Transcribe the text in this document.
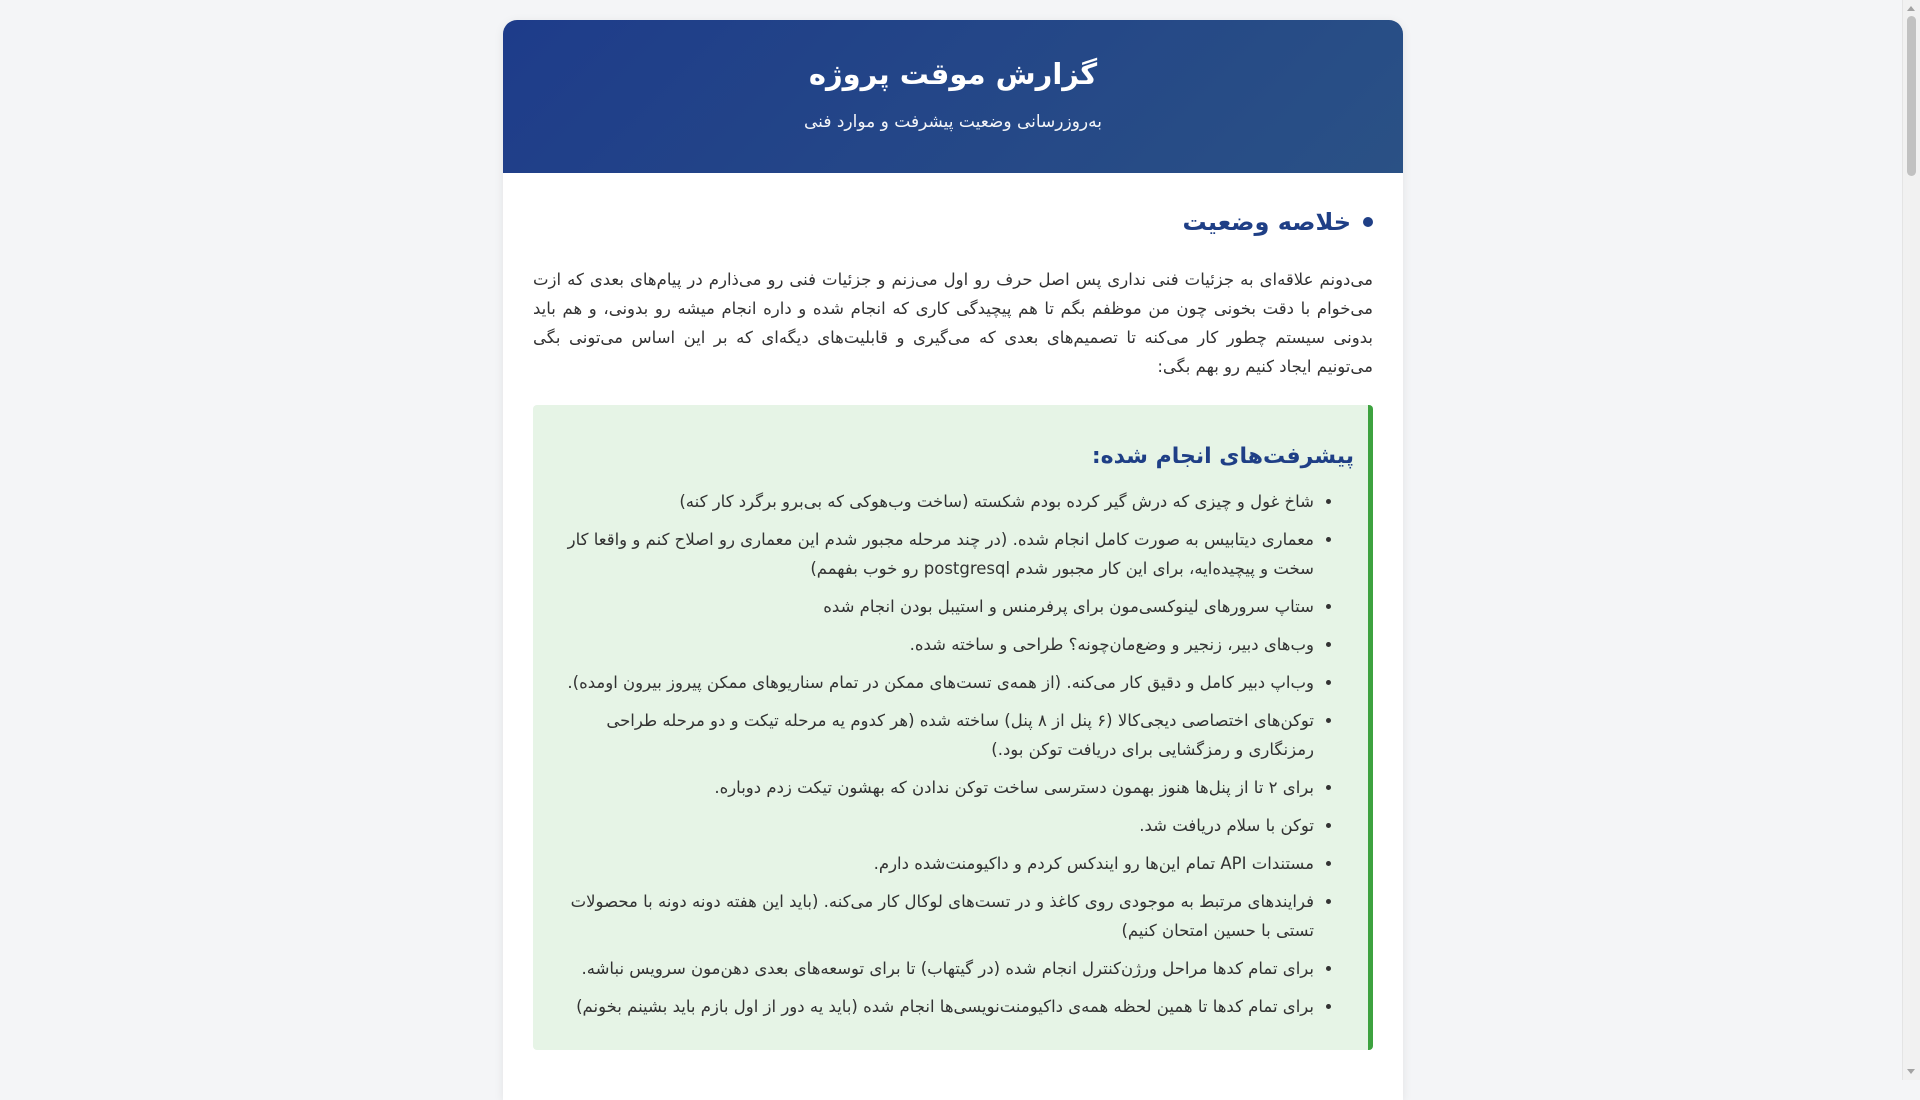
گزارش موقت پروژه
به‌روزرسانی وضعیت پیشرفت و موارد فنی
خلاصه وضعیت

می‌دونم علاقه‌ای به جزئیات فنی نداری پس اصل حرف رو اول می‌زنم و جزئیات فنی رو می‌ذارم در پیام‌های بعدی که ازت می‌خوام با دقت بخونی چون من موظفم بگم تا هم پیچیدگی کاری که انجام شده و داره انجام میشه رو بدونی، و هم باید بدونی سیستم چطور کار می‌کنه تا تصمیم‌های بعدی که می‌گیری و قابلیت‌های دیگه‌ای که بر این اساس می‌تونی بگی می‌تونیم ایجاد کنیم رو بهم بگی:

پیشرفت‌های انجام شده:
• شاخ غول و چیزی که درش گیر کرده بودم شکسته (ساخت وب‌هوکی که بی‌برو برگرد کار کنه)
• معماری دیتابیس به صورت کامل انجام شده. (در چند مرحله مجبور شدم این معماری رو اصلاح کنم و واقعا کار سخت و پیچیده‌ایه، برای این کار مجبور شدم postgresql رو خوب بفهمم)
• ستاپ سرورهای لینوکسی‌مون برای پرفرمنس و استیبل بودن انجام شده
• وب‌های دبیر، زنجیر و وضع‌مان‌چونه؟ طراحی و ساخته شده.
• وب‌اپ دبیر کامل و دقیق کار می‌کنه. (از همه‌ی تست‌های ممکن در تمام سناریوهای ممکن پیروز بیرون اومده).
• توکن‌های اختصاصی دیجی‌کالا (۶ پنل از ۸ پنل) ساخته شده (هر کدوم یه مرحله تیکت و دو مرحله طراحی رمزنگاری و رمزگشایی برای دریافت توکن بود.)
• برای ۲ تا از پنل‌ها هنوز بهمون دسترسی ساخت توکن ندادن که بهشون تیکت زدم دوباره.
• توکن با سلام دریافت شد.
• مستندات API تمام این‌ها رو ایندکس کردم و داکیومنت‌شده دارم.
• فرایندهای مرتبط به موجودی روی کاغذ و در تست‌های لوکال کار می‌کنه. (باید این هفته دونه دونه با محصولات تستی با حسین امتحان کنیم)
• برای تمام کدها مراحل ورژن‌کنترل انجام شده (در گیتهاب) تا برای توسعه‌های بعدی دهن‌مون سرویس نباشه.
• برای تمام کدها تا همین لحظه همه‌ی داکیومنت‌نویسی‌ها انجام شده (باید یه دور از اول بازم باید بشینم بخونم)
